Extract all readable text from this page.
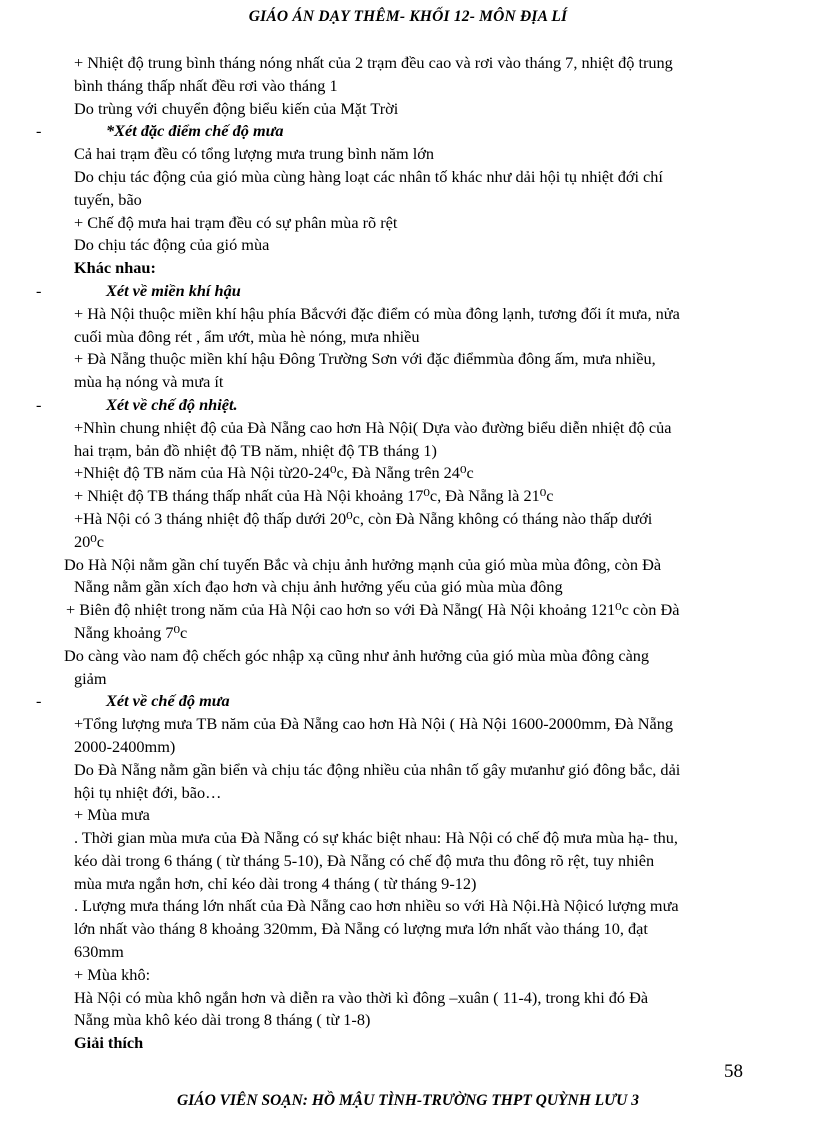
GIÁO ÁN DẠY THÊM- KHỐI 12- MÔN ĐỊA LÍ

+ Nhiệt độ trung bình tháng nóng nhất của 2 trạm đều cao và rơi vào tháng 7, nhiệt độ trung

bình tháng thấp nhất đều rơi vào tháng 1

Do trùng với chuyển động biểu kiến của Mặt Trời

-	*Xét đặc điểm chế độ mưa

Cả hai trạm đều có tổng lượng mưa trung bình năm lớn

Do chịu tác động của gió mùa cùng hàng loạt các nhân tố khác như dải hội tụ nhiệt đới chí

tuyến, bão

+ Chế độ mưa hai trạm đều có sự phân mùa rõ rệt

Do chịu tác động của gió mùa

Khác nhau:

-	Xét về miền khí hậu

+ Hà Nội thuộc miền khí hậu phía Bắcvới đặc điểm có mùa đông lạnh, tương đối ít mưa, nửa

cuối mùa đông rét , ẩm ướt, mùa hè nóng, mưa nhiều

+ Đà Nẵng thuộc miền khí hậu Đông Trường Sơn với đặc điểmmùa đông ấm, mưa nhiều,

mùa hạ nóng và mưa ít

-	Xét về chế độ nhiệt.

+Nhìn chung nhiệt độ của Đà Nẵng cao hơn Hà Nội( Dựa vào đường biểu diễn nhiệt độ của

hai trạm, bản đồ nhiệt độ TB năm, nhiệt độ TB tháng 1)

+Nhiệt độ TB năm của Hà Nội từ20-24⁰c, Đà Nẵng trên 24⁰c

+ Nhiệt độ TB tháng thấp nhất của Hà Nội khoảng 17⁰c, Đà Nẵng là 21⁰c

+Hà Nội có 3 tháng nhiệt độ thấp dưới 20⁰c, còn Đà Nẵng không có tháng nào thấp dưới

20⁰c

Do Hà Nội nằm gần chí tuyến Bắc và chịu ảnh hưởng mạnh của gió mùa mùa đông, còn Đà

Nẵng nằm gần xích đạo hơn và chịu ảnh hưởng yếu của gió mùa mùa đông

+ Biên độ nhiệt trong năm của Hà Nội cao hơn so với Đà Nẵng( Hà Nội khoảng 121⁰c còn Đà

Nẵng khoảng 7⁰c

Do càng vào nam độ chếch góc nhập xạ cũng như ảnh hưởng của gió mùa mùa đông càng

giảm

-	Xét về chế độ mưa

+Tổng lượng mưa TB năm của Đà Nẵng cao hơn Hà Nội ( Hà Nội 1600-2000mm, Đà Nẵng

2000-2400mm)

Do Đà Nẵng nằm gần biển và chịu tác động nhiều của nhân tố gây mưanhư gió đông bắc, dải

hội tụ nhiệt đới, bão…

+ Mùa mưa

. Thời gian mùa mưa của Đà Nẵng có sự khác biệt nhau: Hà Nội có chế độ mưa mùa hạ- thu,

kéo dài trong 6 tháng ( từ tháng 5-10), Đà Nẵng có chế độ mưa thu đông rõ rệt, tuy nhiên

mùa mưa ngắn hơn, chỉ kéo dài trong 4 tháng ( từ tháng 9-12)

. Lượng mưa tháng lớn nhất của Đà Nẵng cao hơn nhiều so với Hà Nội.Hà Nộicó lượng mưa

lớn nhất vào tháng 8 khoảng 320mm, Đà Nẵng có lượng mưa lớn nhất vào tháng 10, đạt

630mm

+ Mùa khô:

Hà Nội có mùa khô ngắn hơn và diễn ra vào thời kì đông –xuân ( 11-4), trong khi đó Đà

Nẵng mùa khô kéo dài trong 8 tháng ( từ 1-8)

Giải thích

58
GIÁO VIÊN SOẠN: HỒ MẬU TÌNH-TRƯỜNG THPT QUỲNH LƯU 3
